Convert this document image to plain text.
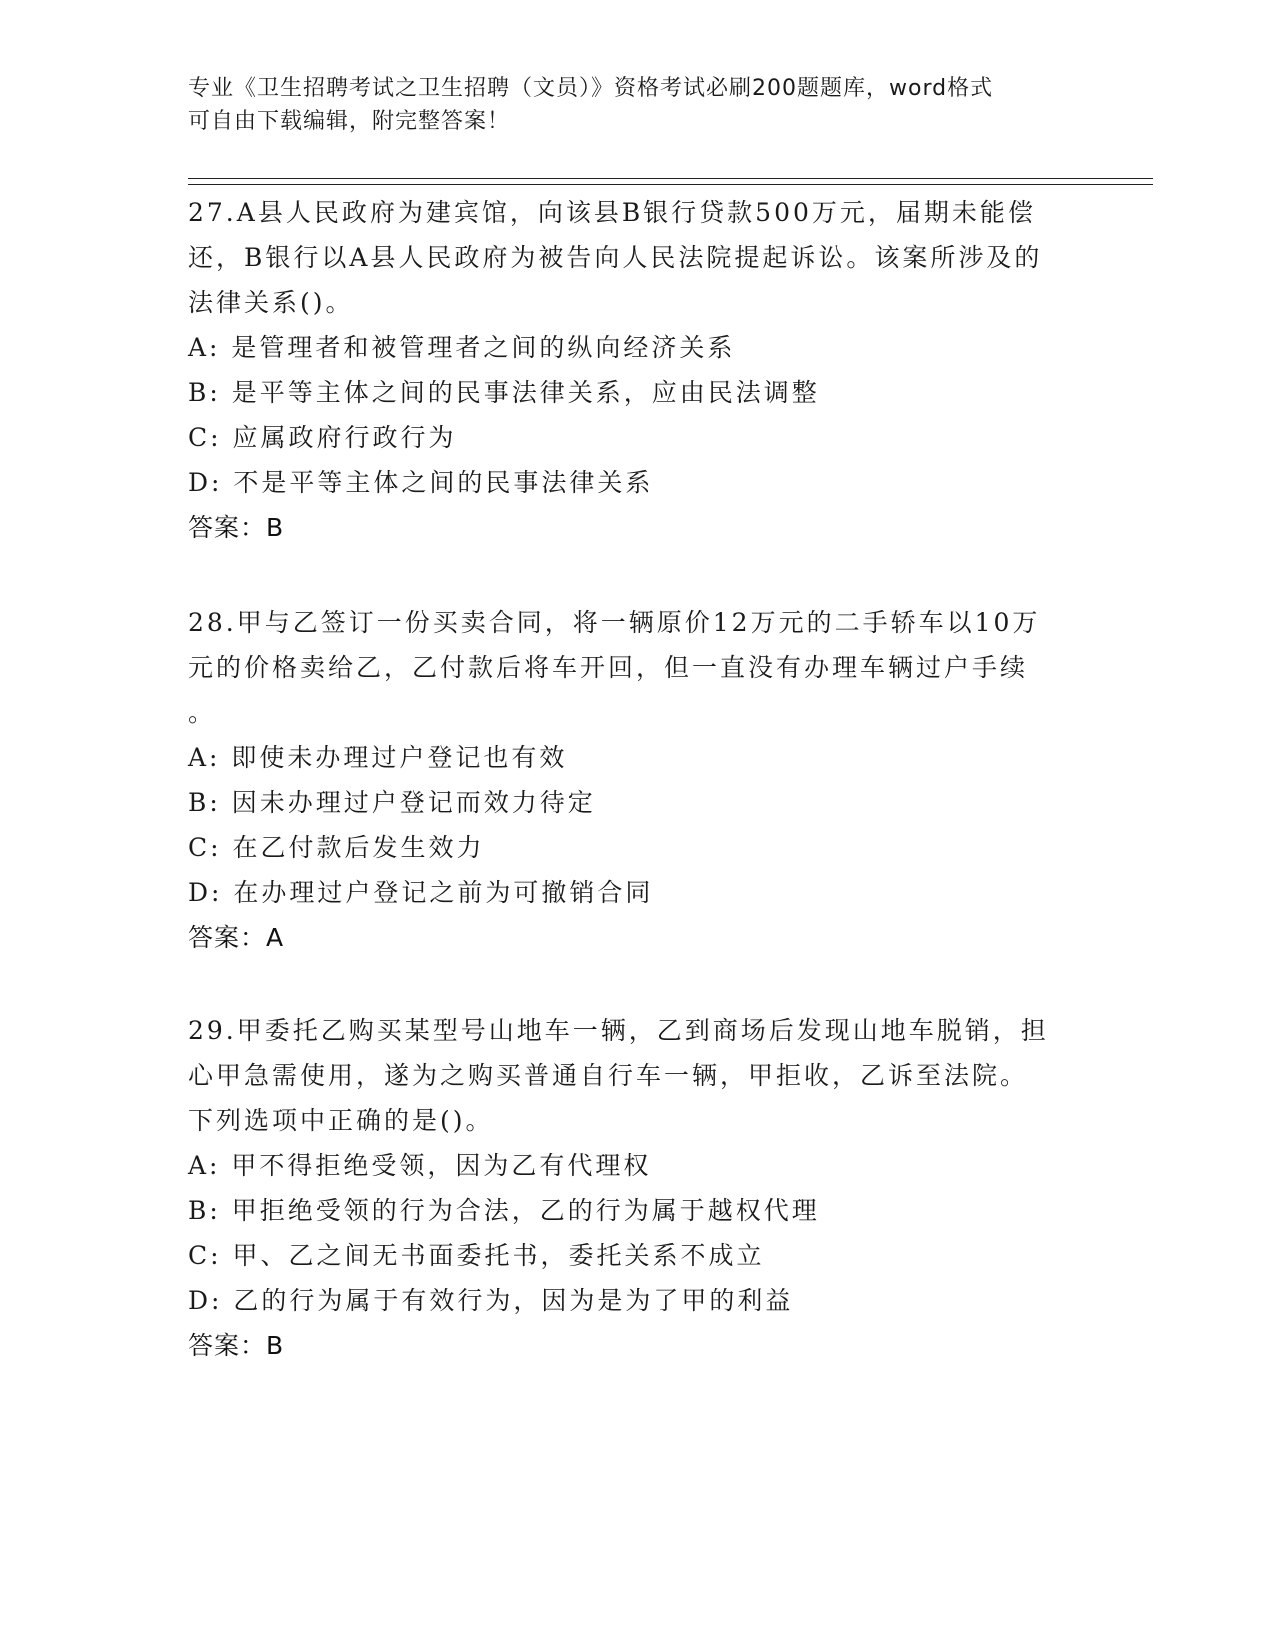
专业《卫生招聘考试之卫生招聘（文员）》资格考试必刷200题题库，word格式
可自由下载编辑，附完整答案！
27.A县人民政府为建宾馆，向该县B银行贷款500万元，届期未能偿
还，B银行以A县人民政府为被告向人民法院提起诉讼。该案所涉及的
法律关系()。
A: 是管理者和被管理者之间的纵向经济关系
B: 是平等主体之间的民事法律关系，应由民法调整
C: 应属政府行政行为
D: 不是平等主体之间的民事法律关系
答案：B
28.甲与乙签订一份买卖合同，将一辆原价12万元的二手轿车以10万
元的价格卖给乙，乙付款后将车开回，但一直没有办理车辆过户手续
。
A: 即使未办理过户登记也有效
B: 因未办理过户登记而效力待定
C: 在乙付款后发生效力
D: 在办理过户登记之前为可撤销合同
答案：A
29.甲委托乙购买某型号山地车一辆，乙到商场后发现山地车脱销，担
心甲急需使用，遂为之购买普通自行车一辆，甲拒收，乙诉至法院。
下列选项中正确的是()。
A: 甲不得拒绝受领，因为乙有代理权
B: 甲拒绝受领的行为合法，乙的行为属于越权代理
C: 甲、乙之间无书面委托书，委托关系不成立
D: 乙的行为属于有效行为，因为是为了甲的利益
答案：B
